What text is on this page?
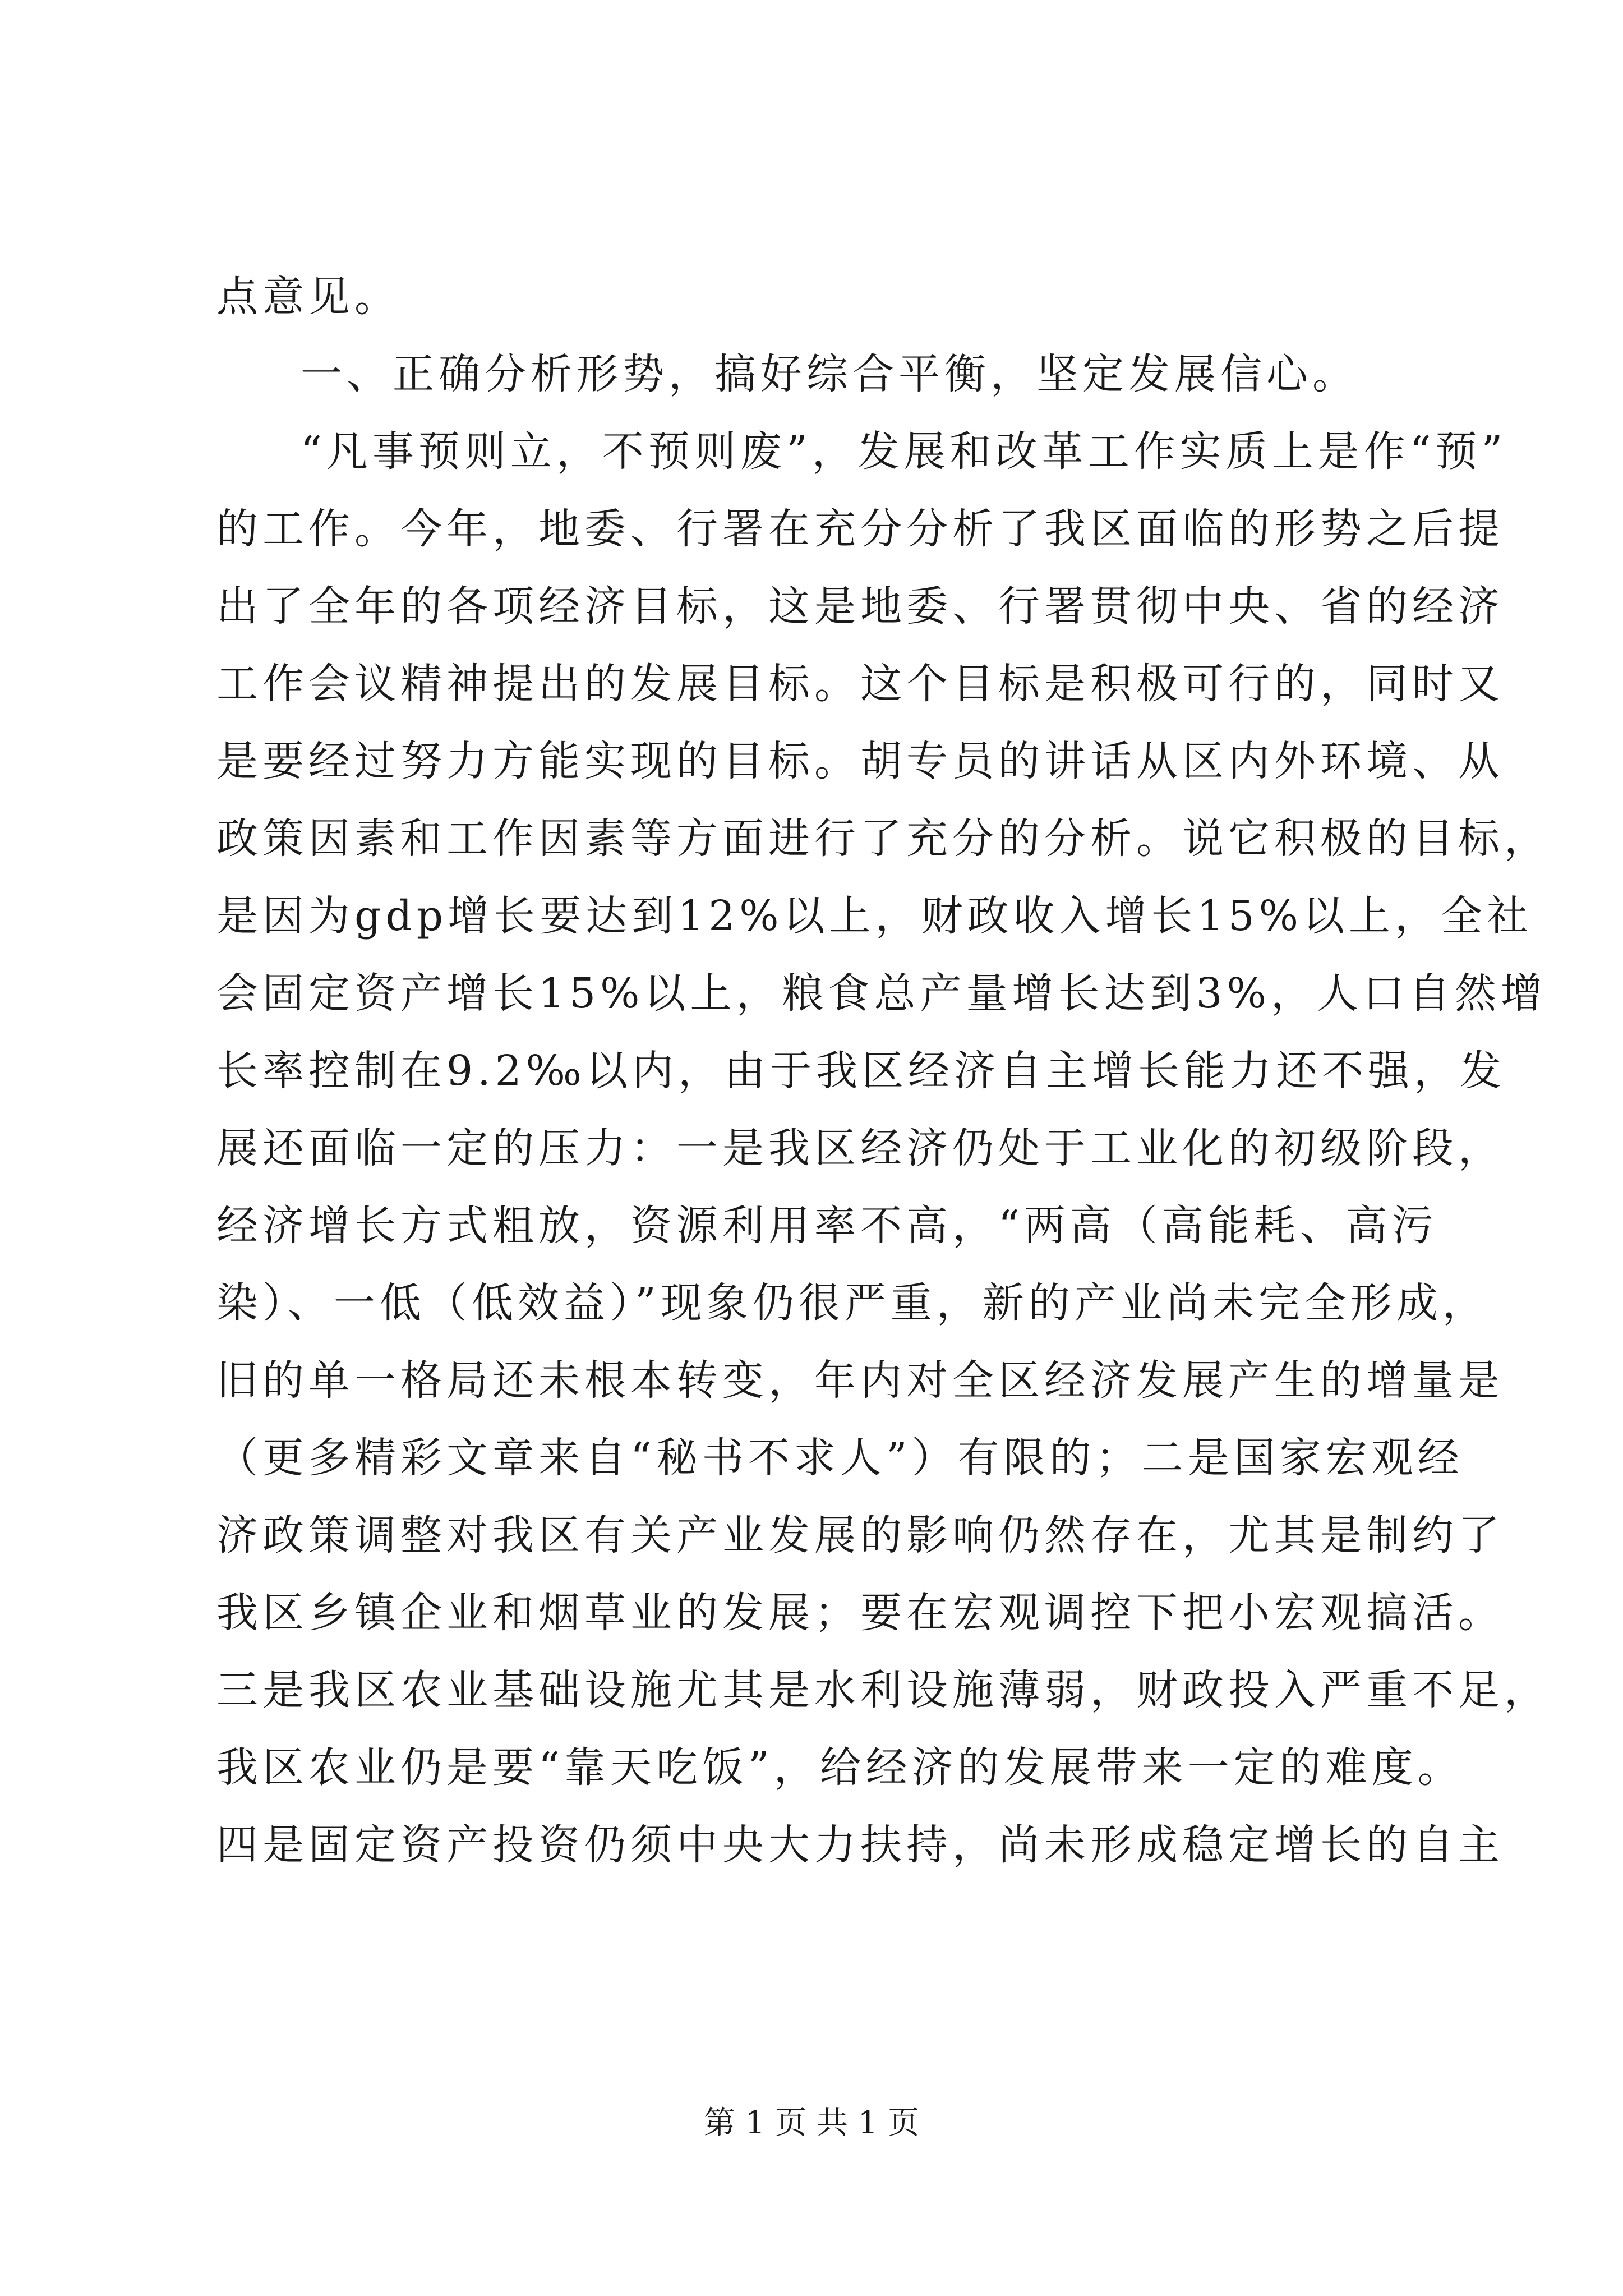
点意见。
一、正确分析形势，搞好综合平衡，坚定发展信心。
“凡事预则立，不预则废”，发展和改革工作实质上是作“预”
的工作。今年，地委、行署在充分分析了我区面临的形势之后提
出了全年的各项经济目标，这是地委、行署贯彻中央、省的经济
工作会议精神提出的发展目标。这个目标是积极可行的，同时又
是要经过努力方能实现的目标。胡专员的讲话从区内外环境、从
政策因素和工作因素等方面进行了充分的分析。说它积极的目标，
是因为gdp增长要达到12%以上，财政收入增长15%以上，全社
会固定资产增长15%以上，粮食总产量增长达到3%，人口自然增
长率控制在9.2‰以内，由于我区经济自主增长能力还不强，发
展还面临一定的压力：一是我区经济仍处于工业化的初级阶段，
经济增长方式粗放，资源利用率不高，“两高（高能耗、高污
染）、一低（低效益）”现象仍很严重，新的产业尚未完全形成，
旧的单一格局还未根本转变，年内对全区经济发展产生的增量是
（更多精彩文章来自“秘书不求人”）有限的；二是国家宏观经
济政策调整对我区有关产业发展的影响仍然存在，尤其是制约了
我区乡镇企业和烟草业的发展；要在宏观调控下把小宏观搞活。
三是我区农业基础设施尤其是水利设施薄弱，财政投入严重不足，
我区农业仍是要“靠天吃饭”，给经济的发展带来一定的难度。
四是固定资产投资仍须中央大力扶持，尚未形成稳定增长的自主
第 1 页 共 1 页
